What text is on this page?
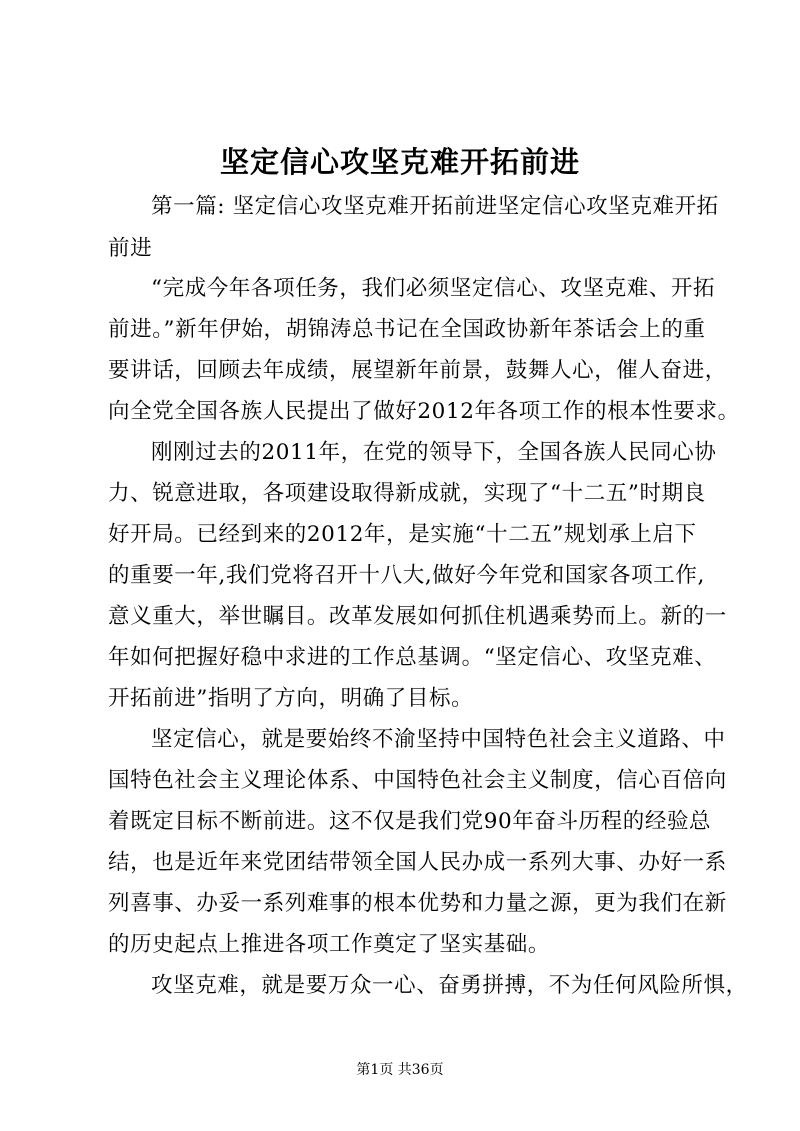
坚定信心攻坚克难开拓前进
第一篇: 坚定信心攻坚克难开拓前进坚定信心攻坚克难开拓
前进
“完成今年各项任务，我们必须坚定信心、攻坚克难、开拓
前进。”新年伊始，胡锦涛总书记在全国政协新年茶话会上的重
要讲话，回顾去年成绩，展望新年前景，鼓舞人心，催人奋进，
向全党全国各族人民提出了做好2012年各项工作的根本性要求。
刚刚过去的2011年，在党的领导下，全国各族人民同心协
力、锐意进取，各项建设取得新成就，实现了“十二五”时期良
好开局。已经到来的2012年，是实施“十二五”规划承上启下
的重要一年,我们党将召开十八大,做好今年党和国家各项工作,
意义重大，举世瞩目。改革发展如何抓住机遇乘势而上。新的一
年如何把握好稳中求进的工作总基调。“坚定信心、攻坚克难、
开拓前进”指明了方向，明确了目标。
坚定信心，就是要始终不渝坚持中国特色社会主义道路、中
国特色社会主义理论体系、中国特色社会主义制度，信心百倍向
着既定目标不断前进。这不仅是我们党90年奋斗历程的经验总
结，也是近年来党团结带领全国人民办成一系列大事、办好一系
列喜事、办妥一系列难事的根本优势和力量之源，更为我们在新
的历史起点上推进各项工作奠定了坚实基础。
攻坚克难，就是要万众一心、奋勇拼搏，不为任何风险所惧，
第1页 共36页
